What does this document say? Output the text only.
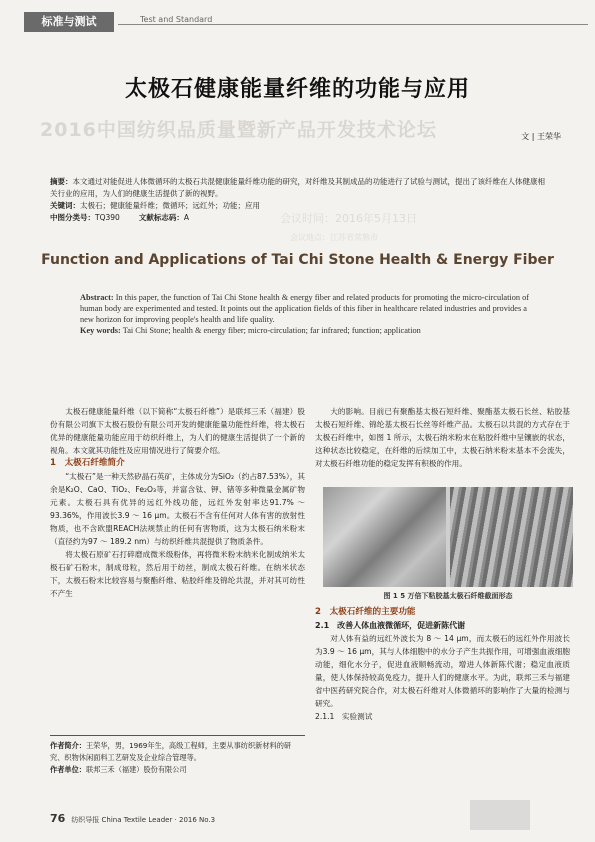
标准与测试	Test and Standard
2016中国纺织品质量暨新产品开发技术论坛
会议时间：2016年5月13日
会议地点：江苏省常熟市
太极石健康能量纤维的功能与应用
文 | 王荣华
摘要：本文通过对能促进人体微循环的太极石共混健康能量纤维功能的研究，对纤维及其制成品的功能进行了试验与测试，提出了该纤维在人体健康相关行业的应用，为人们的健康生活提供了新的视野。
关键词：太极石；健康能量纤维；微循环；远红外；功能；应用
中图分类号：TQ390	文献标志码：A
Function and Applications of Tai Chi Stone Health & Energy Fiber
Abstract: In this paper, the function of Tai Chi Stone health & energy fiber and related products for promoting the micro-circulation of human body are experimented and tested. It points out the application fields of this fiber in healthcare related industries and provides a new horizon for improving people's health and life quality.
Key words: Tai Chi Stone; health & energy fiber; micro-circulation; far infrared; function; application

太极石健康能量纤维（以下简称“太极石纤维”）是联邦三禾（福建）股份有限公司旗下太极石股份有限公司开发的健康能量功能性纤维，将太极石优异的健康能量功能应用于纺织纤维上，为人们的健康生活提供了一个新的视角。本文就其功能性及应用情况进行了简要介绍。

1　太极石纤维简介

“太极石”是一种天然矽晶石英矿，主体成分为SiO₂（约占87.53%），其余是K₂O、CaO、TiO₂、Fe₂O₃等，并富含钛、钾、锗等多种微量金属矿物元素。太极石具有优异的远红外线功能，远红外发射率达91.7% ～ 93.36%，作用波长3.9 ～ 16 μm。太极石不含有任何对人体有害的放射性物质，也不含欧盟REACH法规禁止的任何有害物质，这为太极石纳米粉末（直径约为97 ～ 189.2 nm）与纺织纤维共混提供了物质条件。

将太极石原矿石打碎磨成微米级粉体，再将微米粉末纳米化制成纳米太极石矿石粉末，制成母粒，然后用于纺丝，制成太极石纤维。在纳米状态下，太极石粉末比较容易与聚酯纤维、粘胶纤维及锦纶共混，并对其可纺性不产生

大的影响。目前已有聚酯基太极石短纤维、聚酯基太极石长丝、粘胶基太极石短纤维、锦纶基太极石长丝等纤维产品。太极石以共混的方式存在于太极石纤维中，如图 1 所示，太极石纳米粉末在粘胶纤维中呈镶嵌的状态，这种状态比较稳定，在纤维的后续加工中，太极石纳米粉末基本不会流失，对太极石纤维功能的稳定发挥有积极的作用。

图 1 5 万倍下粘胶基太极石纤维截面形态

2　太极石纤维的主要功能

2.1　改善人体血液微循环，促进新陈代谢

对人体有益的远红外波长为 8 ～ 14 μm，而太极石的远红外作用波长为3.9 ～ 16 μm，其与人体细胞中的水分子产生共振作用，可增强血液细胞动能，细化水分子，促进血液顺畅流动，增进人体新陈代谢；稳定血液质量，使人体保持较高免疫力，提升人们的健康水平。为此，联邦三禾与福建省中医药研究院合作，对太极石纤维对人体微循环的影响作了大量的检测与研究。

2.1.1　实验测试

作者简介：王荣华，男，1969年生，高级工程师，主要从事纺织新材料的研究、织物休闲面料工艺研发及企业综合管理等。
作者单位：联邦三禾（福建）股份有限公司
76 纺织导报 China Textile Leader · 2016 No.3
